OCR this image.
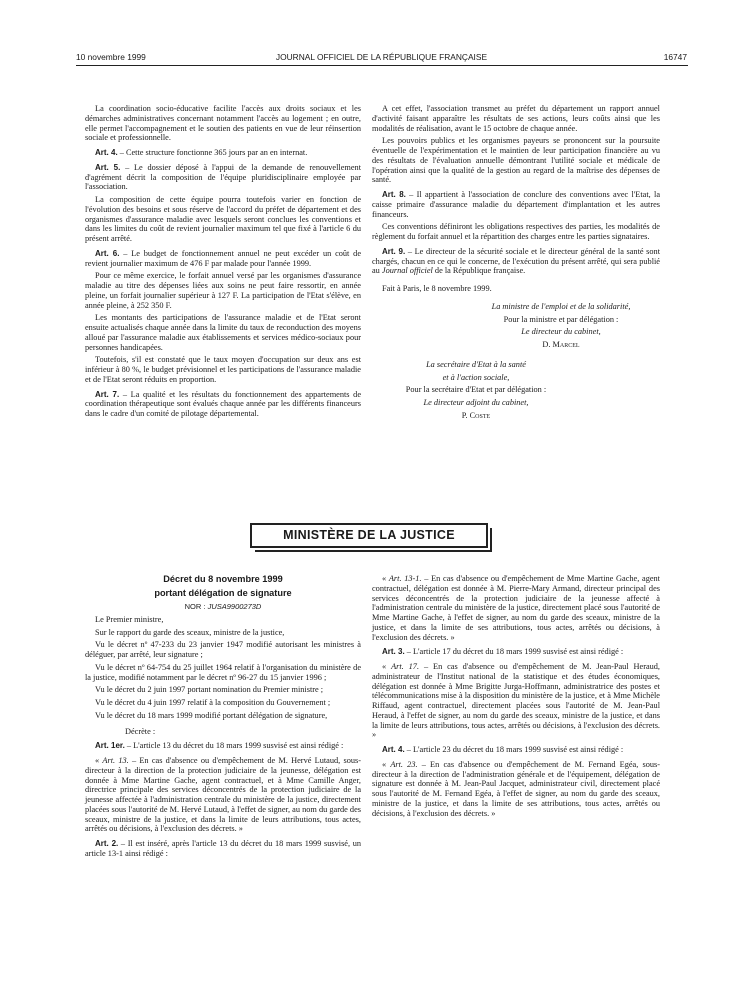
10 novembre 1999	JOURNAL OFFICIEL DE LA RÉPUBLIQUE FRANÇAISE	16747

La coordination socio-éducative facilite l'accès aux droits sociaux et les démarches administratives concernant notamment l'accès au logement ; en outre, elle permet l'accompagnement et le soutien des patients en vue de leur réinsertion sociale et professionnelle.

Art. 4. – Cette structure fonctionne 365 jours par an en internat.

Art. 5. – Le dossier déposé à l'appui de la demande de renouvellement d'agrément décrit la composition de l'équipe pluridisciplinaire employée par l'association.

La composition de cette équipe pourra toutefois varier en fonction de l'évolution des besoins et sous réserve de l'accord du préfet de département et des organismes d'assurance maladie avec lesquels seront conclues les conventions et dans les limites du coût de revient journalier maximum tel que fixé à l'article 6 du présent arrêté.

Art. 6. – Le budget de fonctionnement annuel ne peut excéder un coût de revient journalier maximum de 476 F par malade pour l'année 1999.

Pour ce même exercice, le forfait annuel versé par les organismes d'assurance maladie au titre des dépenses liées aux soins ne peut faire ressortir, en année pleine, un forfait journalier supérieur à 127 F. La participation de l'Etat s'élève, en année pleine, à 252 350 F.

Les montants des participations de l'assurance maladie et de l'Etat seront ensuite actualisés chaque année dans la limite du taux de reconduction des moyens alloué par l'assurance maladie aux établissements et services médico-sociaux pour personnes handicapées.

Toutefois, s'il est constaté que le taux moyen d'occupation sur deux ans est inférieur à 80 %, le budget prévisionnel et les participations de l'assurance maladie et de l'Etat seront réduits en proportion.

Art. 7. – La qualité et les résultats du fonctionnement des appartements de coordination thérapeutique sont évalués chaque année par les différents financeurs dans le cadre d'un comité de pilotage départemental.

A cet effet, l'association transmet au préfet du département un rapport annuel d'activité faisant apparaître les résultats de ses actions, leurs coûts ainsi que les modalités de réalisation, avant le 15 octobre de chaque année.

Les pouvoirs publics et les organismes payeurs se prononcent sur la poursuite éventuelle de l'expérimentation et le maintien de leur participation financière au vu des résultats de l'évaluation annuelle démontrant l'utilité sociale et médicale de l'opération ainsi que la qualité de la gestion au regard de la maîtrise des dépenses de santé.

Art. 8. – Il appartient à l'association de conclure des conventions avec l'Etat, la caisse primaire d'assurance maladie du département d'implantation et les autres financeurs.

Ces conventions définiront les obligations respectives des parties, les modalités de règlement du forfait annuel et la répartition des charges entre les parties signataires.

Art. 9. – Le directeur de la sécurité sociale et le directeur général de la santé sont chargés, chacun en ce qui le concerne, de l'exécution du présent arrêté, qui sera publié au Journal officiel de la République française.

Fait à Paris, le 8 novembre 1999.

La ministre de l'emploi et de la solidarité,

Pour la ministre et par délégation :

Le directeur du cabinet,

D. Marcel

La secrétaire d'Etat à la santé

et à l'action sociale,

Pour la secrétaire d'Etat et par délégation :

Le directeur adjoint du cabinet,

P. Coste

MINISTÈRE DE LA JUSTICE

Décret du 8 novembre 1999

portant délégation de signature

NOR : JUSA9900273D

Le Premier ministre,

Sur le rapport du garde des sceaux, ministre de la justice,

Vu le décret nº 47-233 du 23 janvier 1947 modifié autorisant les ministres à déléguer, par arrêté, leur signature ;

Vu le décret nº 64-754 du 25 juillet 1964 relatif à l'organisation du ministère de la justice, modifié notamment par le décret nº 96-27 du 15 janvier 1996 ;

Vu le décret du 2 juin 1997 portant nomination du Premier ministre ;

Vu le décret du 4 juin 1997 relatif à la composition du Gouvernement ;

Vu le décret du 18 mars 1999 modifié portant délégation de signature,

Décrète :

Art. 1er. – L'article 13 du décret du 18 mars 1999 susvisé est ainsi rédigé :

« Art. 13. – En cas d'absence ou d'empêchement de M. Hervé Lutaud, sous-directeur à la direction de la protection judiciaire de la jeunesse, délégation est donnée à Mme Martine Gache, agent contractuel, et à Mme Camille Anger, directrice principale des services déconcentrés de la protection judiciaire de la jeunesse affectée à l'administration centrale du ministère de la justice, directement placées sous l'autorité de M. Hervé Lutaud, à l'effet de signer, au nom du garde des sceaux, ministre de la justice, et dans la limite de leurs attributions, tous actes, arrêtés ou décisions, à l'exclusion des décrets. »

Art. 2. – Il est inséré, après l'article 13 du décret du 18 mars 1999 susvisé, un article 13-1 ainsi rédigé :

« Art. 13-1. – En cas d'absence ou d'empêchement de Mme Martine Gache, agent contractuel, délégation est donnée à M. Pierre-Mary Armand, directeur principal des services déconcentrés de la protection judiciaire de la jeunesse affecté à l'administration centrale du ministère de la justice, directement placé sous l'autorité de Mme Martine Gache, à l'effet de signer, au nom du garde des sceaux, ministre de la justice, et dans la limite de ses attributions, tous actes, arrêtés ou décisions, à l'exclusion des décrets. »

Art. 3. – L'article 17 du décret du 18 mars 1999 susvisé est ainsi rédigé :

« Art. 17. – En cas d'absence ou d'empêchement de M. Jean-Paul Heraud, administrateur de l'Institut national de la statistique et des études économiques, délégation est donnée à Mme Brigitte Jurga-Hoffmann, administratrice des postes et télécommunications mise à la disposition du ministère de la justice, et à Mme Michèle Riffaud, agent contractuel, directement placées sous l'autorité de M. Jean-Paul Heraud, à l'effet de signer, au nom du garde des sceaux, ministre de la justice, et dans la limite de leurs attributions, tous actes, arrêtés ou décisions, à l'exclusion des décrets. »

Art. 4. – L'article 23 du décret du 18 mars 1999 susvisé est ainsi rédigé :

« Art. 23. – En cas d'absence ou d'empêchement de M. Fernand Egéa, sous-directeur à la direction de l'administration générale et de l'équipement, délégation de signature est donnée à M. Jean-Paul Jacquet, administrateur civil, directement placé sous l'autorité de M. Fernand Egéa, à l'effet de signer, au nom du garde des sceaux, ministre de la justice, et dans la limite de ses attributions, tous actes, arrêtés ou décisions, à l'exclusion des décrets. »
